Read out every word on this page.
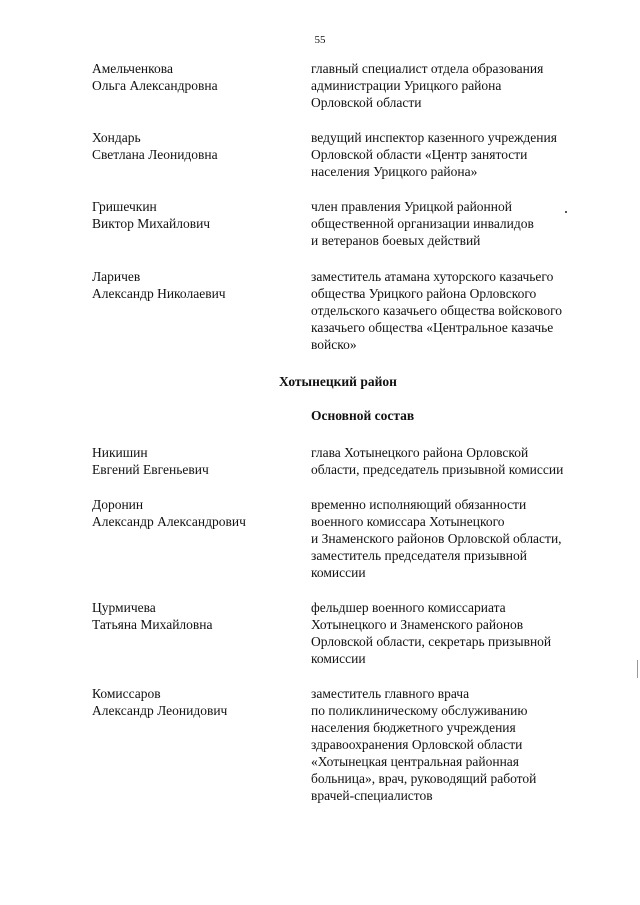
55
Амельченкова
Ольга Александровна
главный специалист отдела образования
администрации Урицкого района
Орловской области
Хондарь
Светлана Леонидовна
ведущий инспектор казенного учреждения
Орловской области «Центр занятости
населения Урицкого района»
Гришечкин
Виктор Михайлович
член правления Урицкой районной
общественной организации инвалидов
и ветеранов боевых действий
Ларичев
Александр Николаевич
заместитель атамана хуторского казачьего
общества Урицкого района Орловского
отдельского казачьего общества войскового
казачьего общества «Центральное казачье
войско»
Хотынецкий район
Основной состав
Никишин
Евгений Евгеньевич
глава Хотынецкого района Орловской
области, председатель призывной комиссии
Доронин
Александр Александрович
временно исполняющий обязанности
военного комиссара Хотынецкого
и Знаменского районов Орловской области,
заместитель председателя призывной
комиссии
Цурмичева
Татьяна Михайловна
фельдшер военного комиссариата
Хотынецкого и Знаменского районов
Орловской области, секретарь призывной
комиссии
Комиссаров
Александр Леонидович
заместитель главного врача
по поликлиническому обслуживанию
населения бюджетного учреждения
здравоохранения Орловской области
«Хотынецкая центральная районная
больница», врач, руководящий работой
врачей-специалистов
